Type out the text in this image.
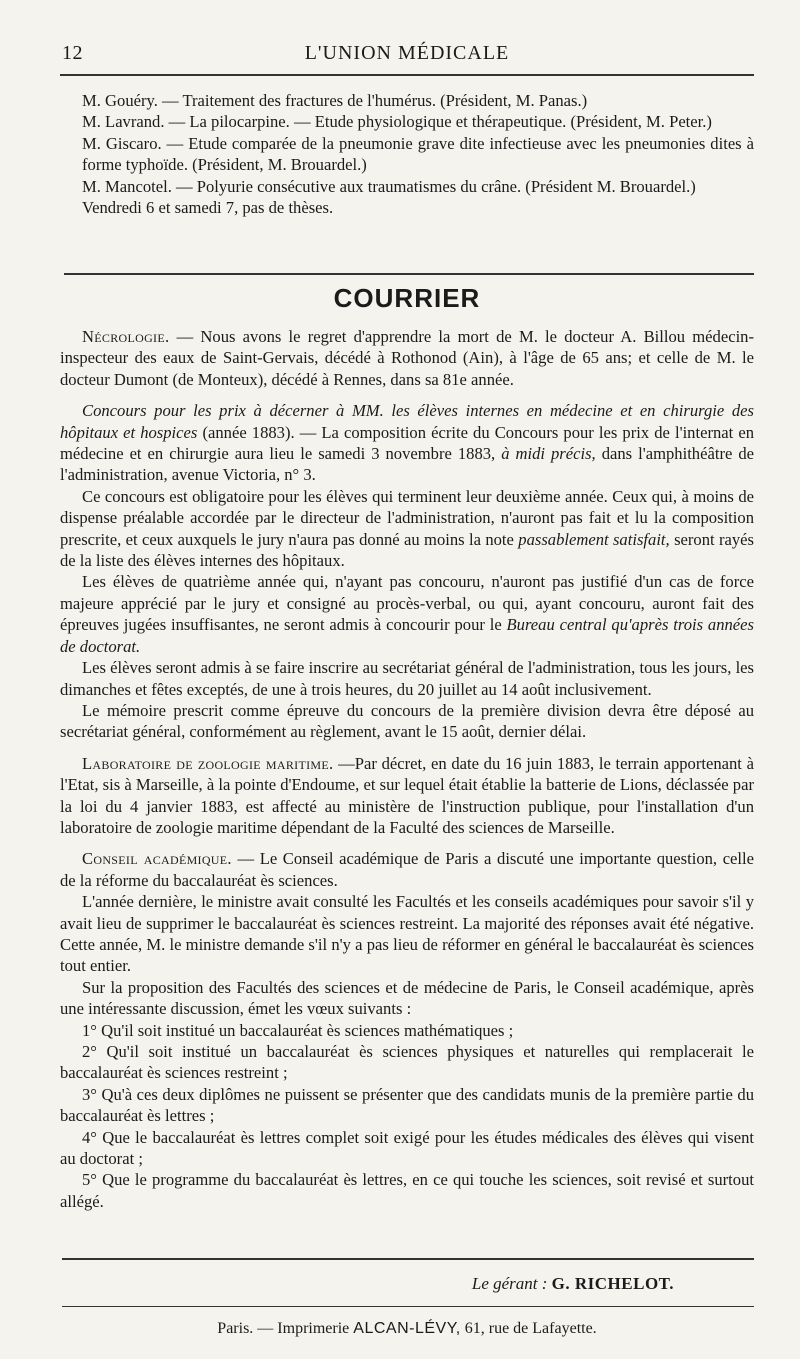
12	L'UNION MÉDICALE

M. Gouéry. — Traitement des fractures de l'humérus. (Président, M. Panas.)

M. Lavrand. — La pilocarpine. — Etude physiologique et thérapeutique. (Président, M. Peter.)

M. Giscaro. — Etude comparée de la pneumonie grave dite infectieuse avec les pneumonies dites à forme typhoïde. (Président, M. Brouardel.)

M. Mancotel. — Polyurie consécutive aux traumatismes du crâne. (Président M. Brouardel.)

Vendredi 6 et samedi 7, pas de thèses.

COURRIER

Nécrologie. — Nous avons le regret d'apprendre la mort de M. le docteur A. Billou médecin-inspecteur des eaux de Saint-Gervais, décédé à Rothonod (Ain), à l'âge de 65 ans; et celle de M. le docteur Dumont (de Monteux), décédé à Rennes, dans sa 81e année.

Concours pour les prix à décerner à MM. les élèves internes en médecine et en chirurgie des hôpitaux et hospices (année 1883). — La composition écrite du Concours pour les prix de l'internat en médecine et en chirurgie aura lieu le samedi 3 novembre 1883, à midi précis, dans l'amphithéâtre de l'administration, avenue Victoria, n° 3.

Ce concours est obligatoire pour les élèves qui terminent leur deuxième année. Ceux qui, à moins de dispense préalable accordée par le directeur de l'administration, n'auront pas fait et lu la composition prescrite, et ceux auxquels le jury n'aura pas donné au moins la note passablement satisfait, seront rayés de la liste des élèves internes des hôpitaux.

Les élèves de quatrième année qui, n'ayant pas concouru, n'auront pas justifié d'un cas de force majeure apprécié par le jury et consigné au procès-verbal, ou qui, ayant concouru, auront fait des épreuves jugées insuffisantes, ne seront admis à concourir pour le Bureau central qu'après trois années de doctorat.

Les élèves seront admis à se faire inscrire au secrétariat général de l'administration, tous les jours, les dimanches et fêtes exceptés, de une à trois heures, du 20 juillet au 14 août inclusivement.

Le mémoire prescrit comme épreuve du concours de la première division devra être déposé au secrétariat général, conformément au règlement, avant le 15 août, dernier délai.

Laboratoire de zoologie maritime. —Par décret, en date du 16 juin 1883, le terrain apportenant à l'Etat, sis à Marseille, à la pointe d'Endoume, et sur lequel était établie la batterie de Lions, déclassée par la loi du 4 janvier 1883, est affecté au ministère de l'instruction publique, pour l'installation d'un laboratoire de zoologie maritime dépendant de la Faculté des sciences de Marseille.

Conseil académique. — Le Conseil académique de Paris a discuté une importante question, celle de la réforme du baccalauréat ès sciences.

L'année dernière, le ministre avait consulté les Facultés et les conseils académiques pour savoir s'il y avait lieu de supprimer le baccalauréat ès sciences restreint. La majorité des réponses avait été négative. Cette année, M. le ministre demande s'il n'y a pas lieu de réformer en général le baccalauréat ès sciences tout entier.

Sur la proposition des Facultés des sciences et de médecine de Paris, le Conseil académique, après une intéressante discussion, émet les vœux suivants :

1° Qu'il soit institué un baccalauréat ès sciences mathématiques ;

2° Qu'il soit institué un baccalauréat ès sciences physiques et naturelles qui remplacerait le baccalauréat ès sciences restreint ;

3° Qu'à ces deux diplômes ne puissent se présenter que des candidats munis de la première partie du baccalauréat ès lettres ;

4° Que le baccalauréat ès lettres complet soit exigé pour les études médicales des élèves qui visent au doctorat ;

5° Que le programme du baccalauréat ès lettres, en ce qui touche les sciences, soit revisé et surtout allégé.

Le gérant : G. RICHELOT.
Paris. — Imprimerie ALCAN-LÉVY, 61, rue de Lafayette.
